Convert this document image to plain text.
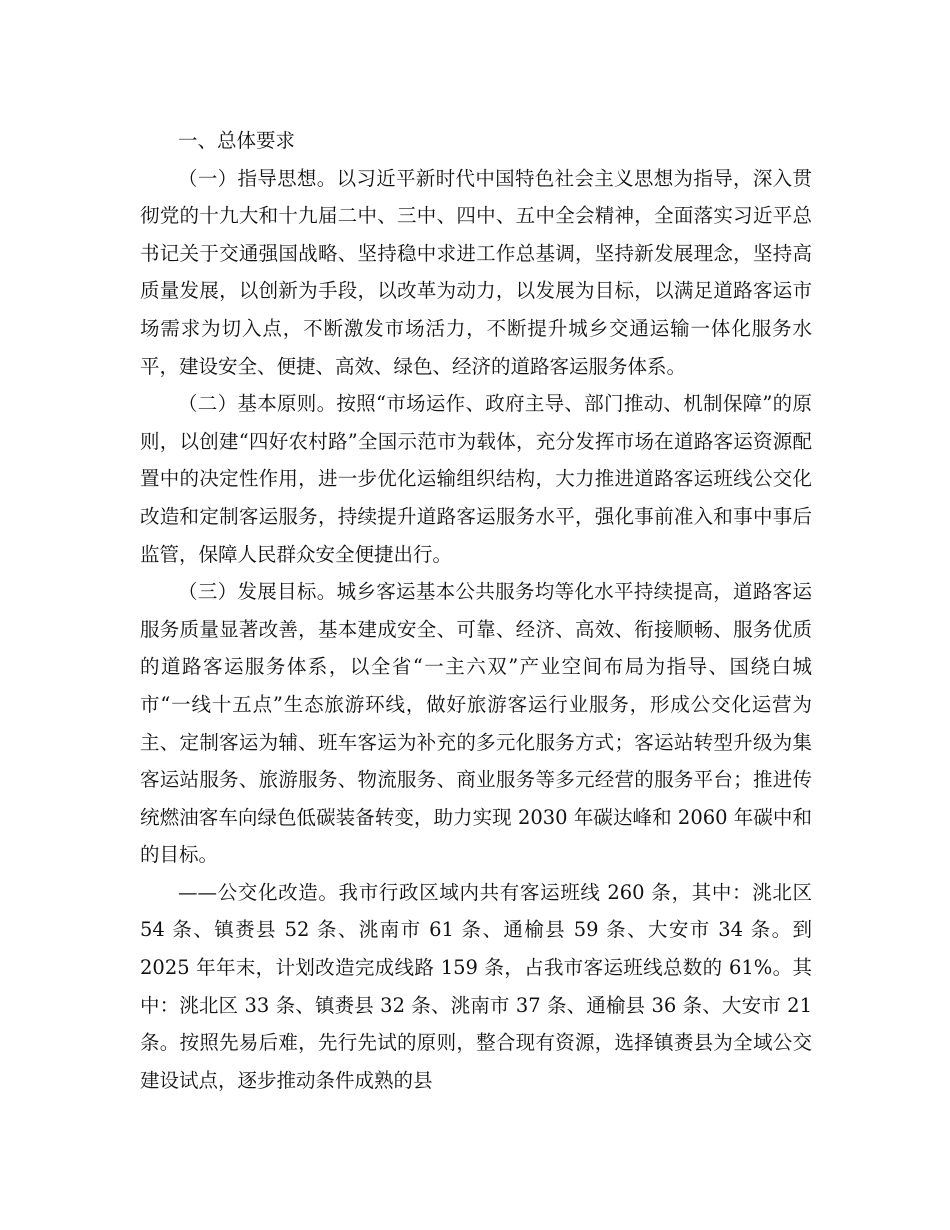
一、总体要求

（一）指导思想。以习近平新时代中国特色社会主义思想为指导，深入贯彻党的十九大和十九届二中、三中、四中、五中全会精神，全面落实习近平总书记关于交通强国战略、坚持稳中求进工作总基调，坚持新发展理念，坚持高质量发展，以创新为手段，以改革为动力，以发展为目标，以满足道路客运市场需求为切入点，不断激发市场活力，不断提升城乡交通运输一体化服务水平，建设安全、便捷、高效、绿色、经济的道路客运服务体系。

（二）基本原则。按照“市场运作、政府主导、部门推动、机制保障”的原则，以创建“四好农村路”全国示范市为载体，充分发挥市场在道路客运资源配置中的决定性作用，进一步优化运输组织结构，大力推进道路客运班线公交化改造和定制客运服务，持续提升道路客运服务水平，强化事前准入和事中事后监管，保障人民群众安全便捷出行。

（三）发展目标。城乡客运基本公共服务均等化水平持续提高，道路客运服务质量显著改善，基本建成安全、可靠、经济、高效、衔接顺畅、服务优质的道路客运服务体系，以全省“一主六双”产业空间布局为指导、国绕白城市“一线十五点”生态旅游环线，做好旅游客运行业服务，形成公交化运营为主、定制客运为辅、班车客运为补充的多元化服务方式；客运站转型升级为集客运站服务、旅游服务、物流服务、商业服务等多元经营的服务平台；推进传统燃油客车向绿色低碳装备转变，助力实现 2030 年碳达峰和 2060 年碳中和的目标。

——公交化改造。我市行政区域内共有客运班线 260 条，其中：洮北区 54 条、镇赉县 52 条、洮南市 61 条、通榆县 59 条、大安市 34 条。到 2025 年年末，计划改造完成线路 159 条，占我市客运班线总数的 61%。其中：洮北区 33 条、镇赉县 32 条、洮南市 37 条、通榆县 36 条、大安市 21 条。按照先易后难，先行先试的原则，整合现有资源，选择镇赉县为全域公交建设试点，逐步推动条件成熟的县
